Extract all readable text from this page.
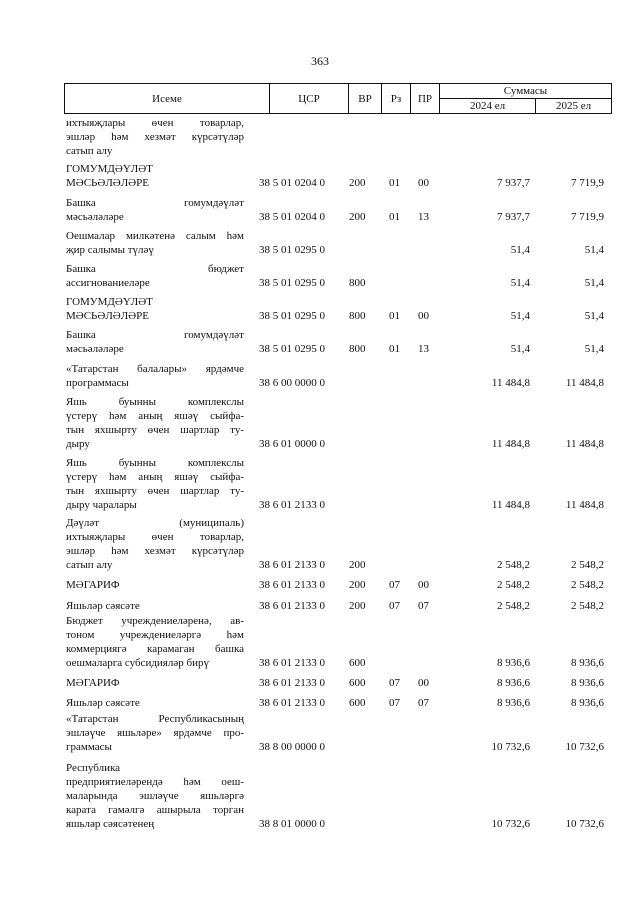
363
Исеме	ЦСР	ВР	Рз	ПР
Суммасы
2024 ел	2025 ел
ихтыяҗлары өчен товарлар,
эшләр һәм хезмәт күрсәтүләр
сатып алу
ГОМУМДӘҮЛӘТ
МӘСЬӘЛӘЛӘРЕ	38 5 01 0204 0 200 01 00	7 937,7	7 719,9
Башка гомумдәүләт
мәсьәләләре	38 5 01 0204 0 200 01 13	7 937,7	7 719,9
Оешмалар милкәтенә салым һәм
җир салымы түләү	38 5 01 0295 0	51,4	51,4
Башка бюджет
ассигнованиеләре	38 5 01 0295 0 800	51,4	51,4
ГОМУМДӘҮЛӘТ
МӘСЬӘЛӘЛӘРЕ	38 5 01 0295 0 800 01 00	51,4	51,4
Башка гомумдәүләт
мәсьәләләре	38 5 01 0295 0 800 01 13	51,4	51,4
«Татарстан балалары» ярдәмче
программасы	38 6 00 0000 0	11 484,8	11 484,8
Яшь буынны комплекслы
үстерү һәм аның яшәү сыйфа-
тын яхшырту өчен шартлар ту-
дыру	38 6 01 0000 0	11 484,8	11 484,8
Яшь буынны комплекслы
үстерү һәм аның яшәү сыйфа-
тын яхшырту өчен шартлар ту-
дыру чаралары	38 6 01 2133 0	11 484,8	11 484,8
Дәүләт (муниципаль)
ихтыяҗлары өчен товарлар,
эшләр һәм хезмәт күрсәтүләр
сатып алу	38 6 01 2133 0 200	2 548,2	2 548,2
МӘГАРИФ	38 6 01 2133 0 200 07 00	2 548,2	2 548,2
Яшьләр сәясәте	38 6 01 2133 0 200 07 07	2 548,2	2 548,2
Бюджет учреждениеләренә, ав-
тоном учреждениеләргә һәм
коммерциягә карамаган башка
оешмаларга субсидияләр бирү	38 6 01 2133 0 600	8 936,6	8 936,6
МӘГАРИФ	38 6 01 2133 0 600 07 00	8 936,6	8 936,6
Яшьләр сәясәте	38 6 01 2133 0 600 07 07	8 936,6	8 936,6
«Татарстан Республикасының
эшләүче яшьләре» ярдәмче про-
граммасы	38 8 00 0000 0	10 732,6	10 732,6
Республика
предприятиеләрендә һәм оеш-
маларында эшләүче яшьләргә
карата гамәлгә ашырыла торган
яшьләр сәясәтенең	38 8 01 0000 0	10 732,6	10 732,6
